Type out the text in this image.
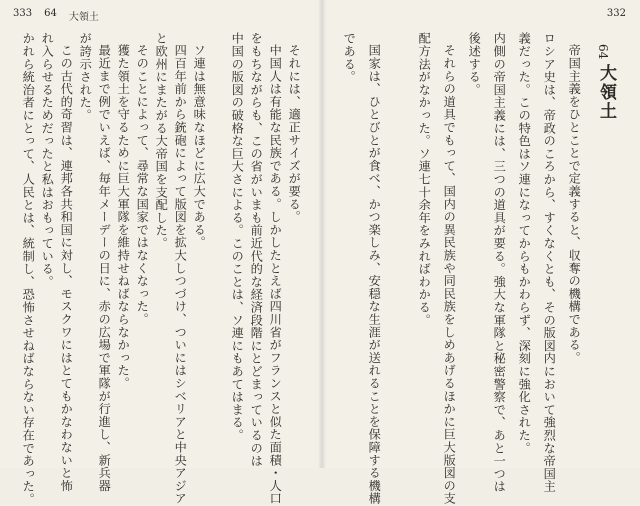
333 64 大領土	332
64
大領土
帝国主義をひとことで定義すると、収奪の機構である。
ロシア史は、帝政のころから、すくなくとも、その版図内において強烈な帝国主
義だった。この特色はソ連になってからもかわらず、深刻に強化された。
内側の帝国主義には、三つの道具が要る。強大な軍隊と秘密警察で、あと一つは
後述する。
それらの道具でもって、国内の異民族や同民族をしめあげるほかに巨大版図の支
配方法がなかった。ソ連七十余年をみればわかる。
国家は、ひとびとが食べ、かつ楽しみ、安穏な生涯が送れることを保障する機構
である。
それには、適正サイズが要る。
中国人は有能な民族である。しかしたとえば四川省がフランスと似た面積・人口
をもちながらも、この省がいまも前近代的な経済段階にとどまっているのは
中国の版図の破格な巨大さによる。このことは、ソ連にもあてはまる。
ソ連は無意味なほどに広大である。
四百年前から銃砲によって版図を拡大しつづけ、ついにはシベリアと中央アジア
と欧州にまたがる大帝国を支配した。
そのことによって、尋常な国家ではなくなった。
獲た領土を守るために巨大軍隊を維持せねばならなかった。
最近まで例でいえば、毎年メーデーの日に、赤の広場で軍隊が行進し、新兵器
が誇示された。
この古代的奇習は、連邦各共和国に対し、モスクワにはとてもかなわないと怖
れ入らせるためだったと私はおもっている。
かれら統治者にとって、人民とは、統制し、恐怖させねばならない存在であった。
